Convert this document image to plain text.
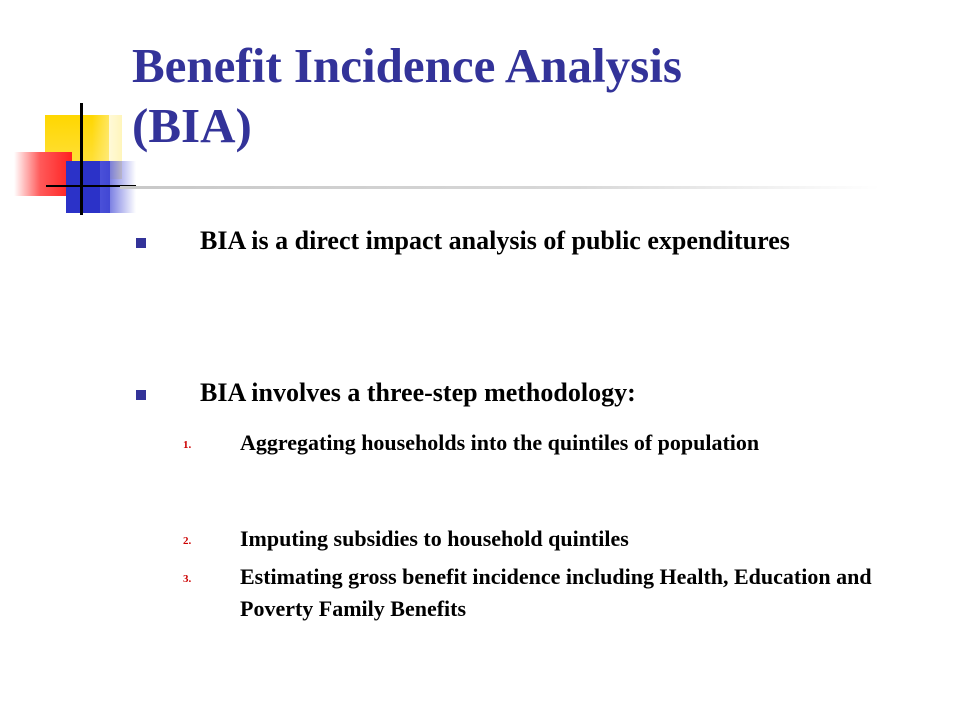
Benefit Incidence Analysis
(BIA)

BIA is a direct impact analysis of public expenditures

BIA involves a three-step methodology:

1. Aggregating households into the quintiles of population

2. Imputing subsidies to household quintiles

3. Estimating gross benefit incidence including Health, Education and Poverty Family Benefits
